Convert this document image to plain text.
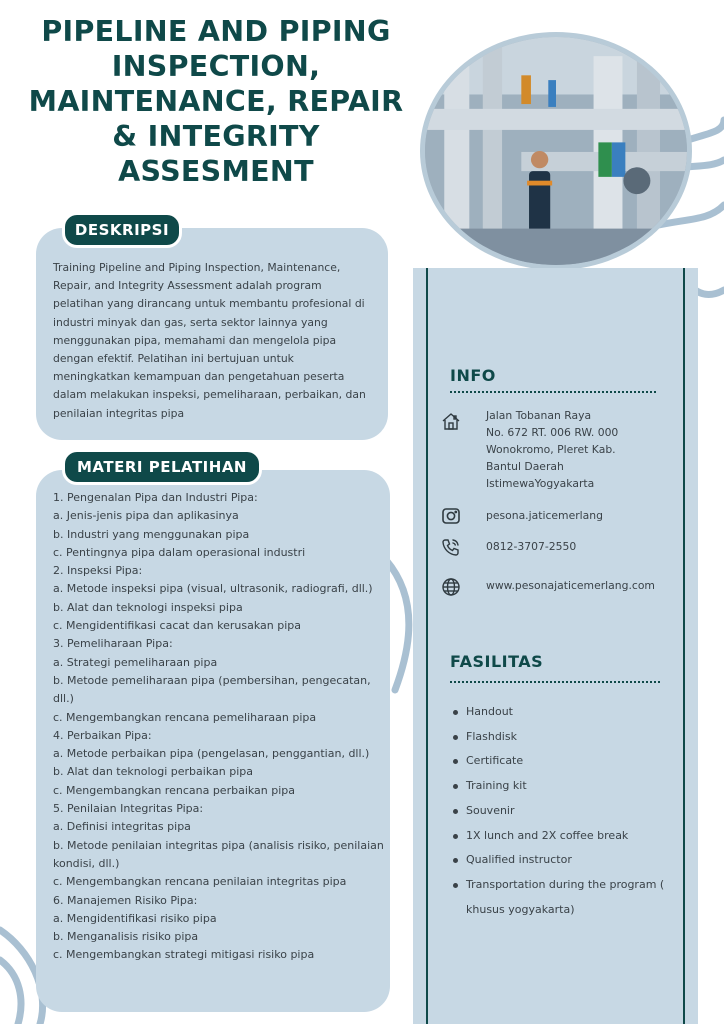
PIPELINE AND PIPING INSPECTION, MAINTENANCE, REPAIR & INTEGRITY ASSESMENT
DESKRIPSI

Training Pipeline and Piping Inspection, Maintenance, Repair, and Integrity Assessment adalah program pelatihan yang dirancang untuk membantu profesional di industri minyak dan gas, serta sektor lainnya yang menggunakan pipa, memahami dan mengelola pipa dengan efektif. Pelatihan ini bertujuan untuk meningkatkan kemampuan dan pengetahuan peserta dalam melakukan inspeksi, pemeliharaan, perbaikan, dan penilaian integritas pipa

MATERI PELATIHAN
1. Pengenalan Pipa dan Industri Pipa:
a. Jenis-jenis pipa dan aplikasinya
b. Industri yang menggunakan pipa
c. Pentingnya pipa dalam operasional industri
2. Inspeksi Pipa:
a. Metode inspeksi pipa (visual, ultrasonik, radiografi, dll.)
b. Alat dan teknologi inspeksi pipa
c. Mengidentifikasi cacat dan kerusakan pipa
3. Pemeliharaan Pipa:
a. Strategi pemeliharaan pipa
b. Metode pemeliharaan pipa (pembersihan, pengecatan, dll.)
c. Mengembangkan rencana pemeliharaan pipa
4. Perbaikan Pipa:
a. Metode perbaikan pipa (pengelasan, penggantian, dll.)
b. Alat dan teknologi perbaikan pipa
c. Mengembangkan rencana perbaikan pipa
5. Penilaian Integritas Pipa:
a. Definisi integritas pipa
b. Metode penilaian integritas pipa (analisis risiko, penilaian kondisi, dll.)
c. Mengembangkan rencana penilaian integritas pipa
6. Manajemen Risiko Pipa:
a. Mengidentifikasi risiko pipa
b. Menganalisis risiko pipa
c. Mengembangkan strategi mitigasi risiko pipa
INFO

Jalan Tobanan Raya
No. 672 RT. 006 RW. 000
Wonokromo, Pleret Kab.
Bantul Daerah
IstimewaYogyakarta

pesona.jaticemerlang

0812-3707-2550

www.pesonajaticemerlang.com

FASILITAS
Handout
Flashdisk
Certificate
Training kit
Souvenir
1X lunch and 2X coffee break
Qualified instructor
Transportation during the program ( khusus yogyakarta)
